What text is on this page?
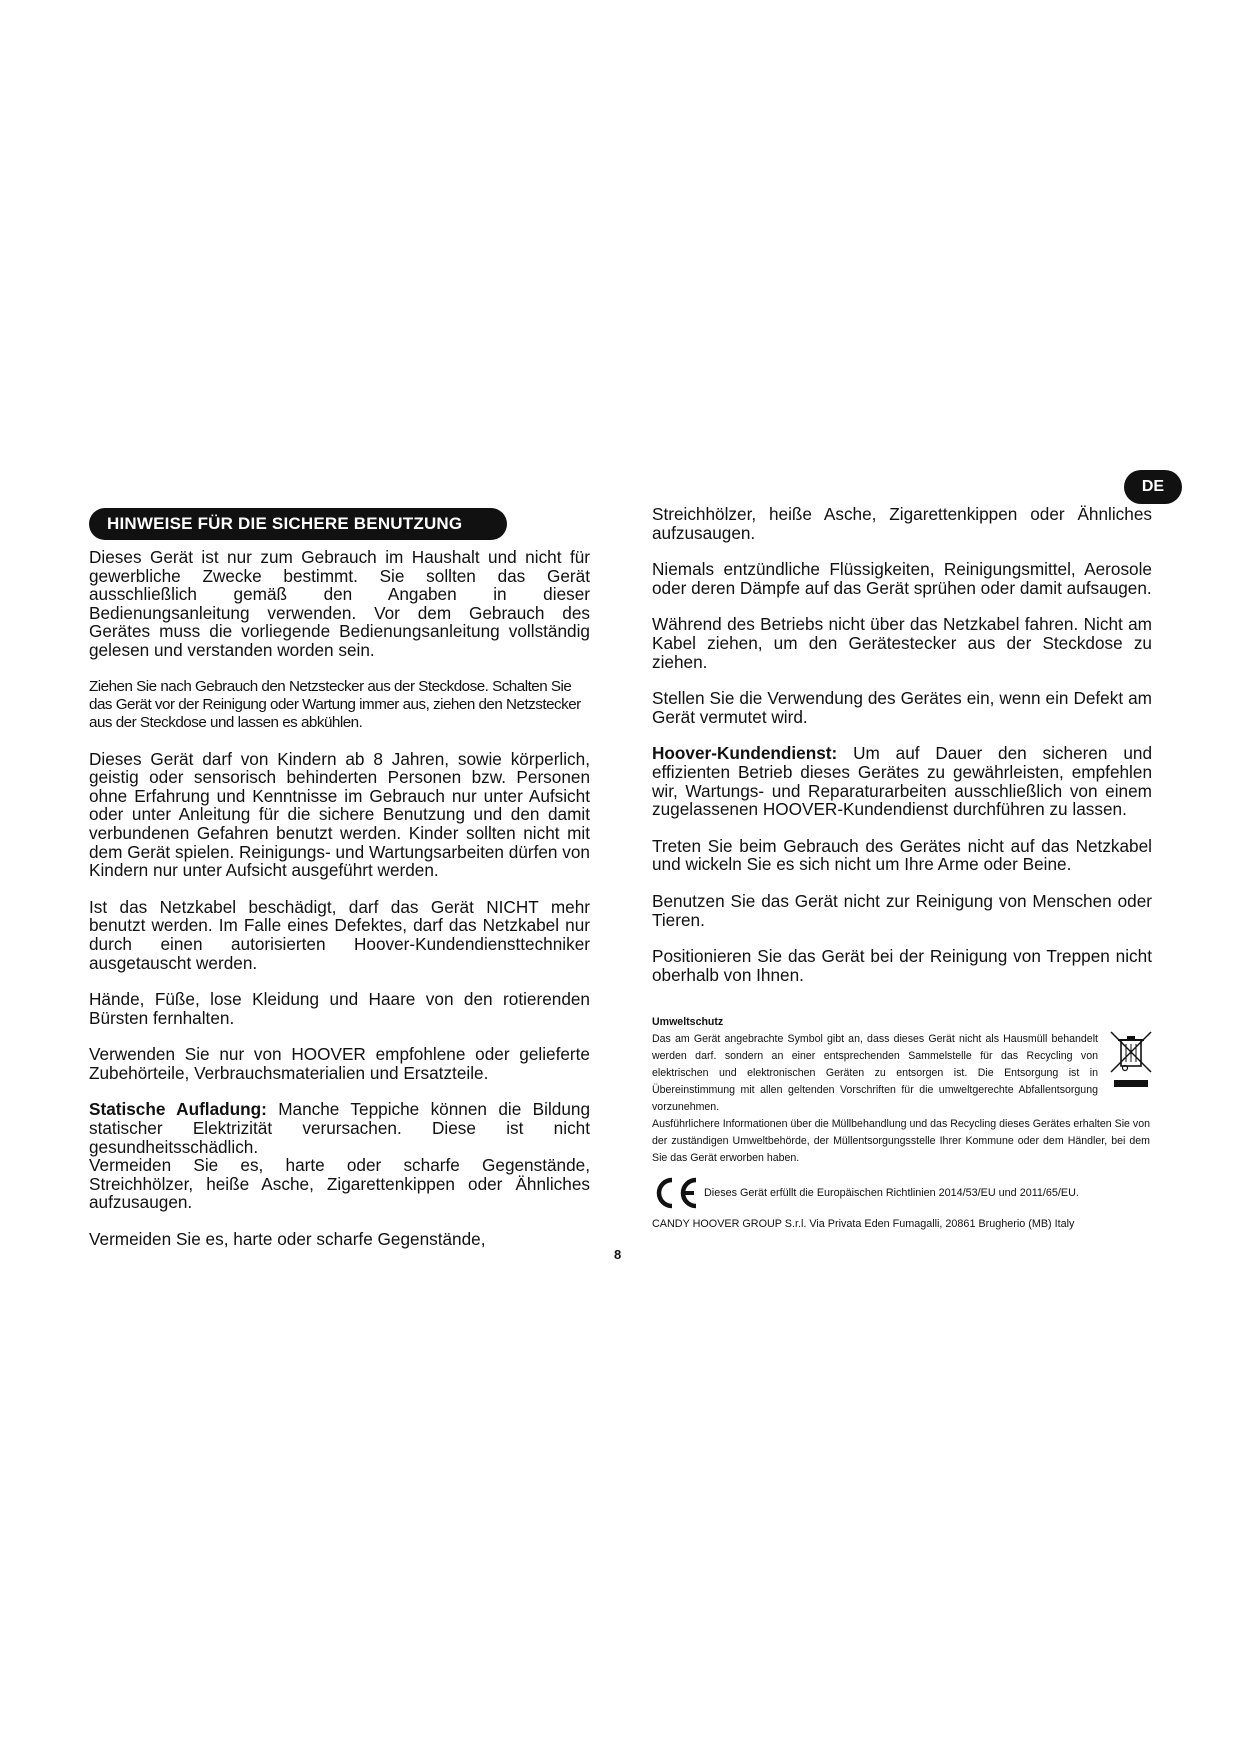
DE
HINWEISE FÜR DIE SICHERE BENUTZUNG

Dieses Gerät ist nur zum Gebrauch im Haushalt und nicht für gewerbliche Zwecke bestimmt. Sie sollten das Gerät ausschließlich gemäß den Angaben in dieser Bedienungsanleitung verwenden. Vor dem Gebrauch des Gerätes muss die vorliegende Bedienungsanleitung vollständig gelesen und verstanden worden sein.

Ziehen Sie nach Gebrauch den Netzstecker aus der Steckdose. Schalten Sie das Gerät vor der Reinigung oder Wartung immer aus, ziehen den Netzstecker aus der Steckdose und lassen es abkühlen.

Dieses Gerät darf von Kindern ab 8 Jahren, sowie körperlich, geistig oder sensorisch behinderten Personen bzw. Personen ohne Erfahrung und Kenntnisse im Gebrauch nur unter Aufsicht oder unter Anleitung für die sichere Benutzung und den damit verbundenen Gefahren benutzt werden. Kinder sollten nicht mit dem Gerät spielen. Reinigungs- und Wartungsarbeiten dürfen von Kindern nur unter Aufsicht ausgeführt werden.

Ist das Netzkabel beschädigt, darf das Gerät NICHT mehr benutzt werden. Im Falle eines Defektes, darf das Netzkabel nur durch einen autorisierten Hoover-Kundendiensttechniker ausgetauscht werden.

Hände, Füße, lose Kleidung und Haare von den rotierenden Bürsten fernhalten.

Verwenden Sie nur von HOOVER empfohlene oder gelieferte Zubehörteile, Verbrauchsmaterialien und Ersatzteile.

Statische Aufladung: Manche Teppiche können die Bildung statischer Elektrizität verursachen. Diese ist nicht gesundheitsschädlich.

Vermeiden Sie es, harte oder scharfe Gegenstände, Streichhölzer, heiße Asche, Zigarettenkippen oder Ähnliches aufzusaugen.

Vermeiden Sie es, harte oder scharfe Gegenstände,

Streichhölzer, heiße Asche, Zigarettenkippen oder Ähnliches aufzusaugen.

Niemals entzündliche Flüssigkeiten, Reinigungsmittel, Aerosole oder deren Dämpfe auf das Gerät sprühen oder damit aufsaugen.

Während des Betriebs nicht über das Netzkabel fahren. Nicht am Kabel ziehen, um den Gerätestecker aus der Steckdose zu ziehen.

Stellen Sie die Verwendung des Gerätes ein, wenn ein Defekt am Gerät vermutet wird.

Hoover-Kundendienst: Um auf Dauer den sicheren und effizienten Betrieb dieses Gerätes zu gewährleisten, empfehlen wir, Wartungs- und Reparaturarbeiten ausschließlich von einem zugelassenen HOOVER-Kundendienst durchführen zu lassen.

Treten Sie beim Gebrauch des Gerätes nicht auf das Netzkabel und wickeln Sie es sich nicht um Ihre Arme oder Beine.

Benutzen Sie das Gerät nicht zur Reinigung von Menschen oder Tieren.

Positionieren Sie das Gerät bei der Reinigung von Treppen nicht oberhalb von Ihnen.

Umweltschutz

Das am Gerät angebrachte Symbol gibt an, dass dieses Gerät nicht als Hausmüll behandelt werden darf. sondern an einer entsprechenden Sammelstelle für das Recycling von elektrischen und elektronischen Geräten zu entsorgen ist. Die Entsorgung ist in Übereinstimmung mit allen geltenden Vorschriften für die umweltgerechte Abfallentsorgung vorzunehmen.

Ausführlichere Informationen über die Müllbehandlung und das Recycling dieses Gerätes erhalten Sie von der zuständigen Umweltbehörde, der Müllentsorgungsstelle Ihrer Kommune oder dem Händler, bei dem Sie das Gerät erworben haben.

Dieses Gerät erfüllt die Europäischen Richtlinien 2014/53/EU und 2011/65/EU.
CANDY HOOVER GROUP S.r.l. Via Privata Eden Fumagalli, 20861 Brugherio (MB) Italy
8
